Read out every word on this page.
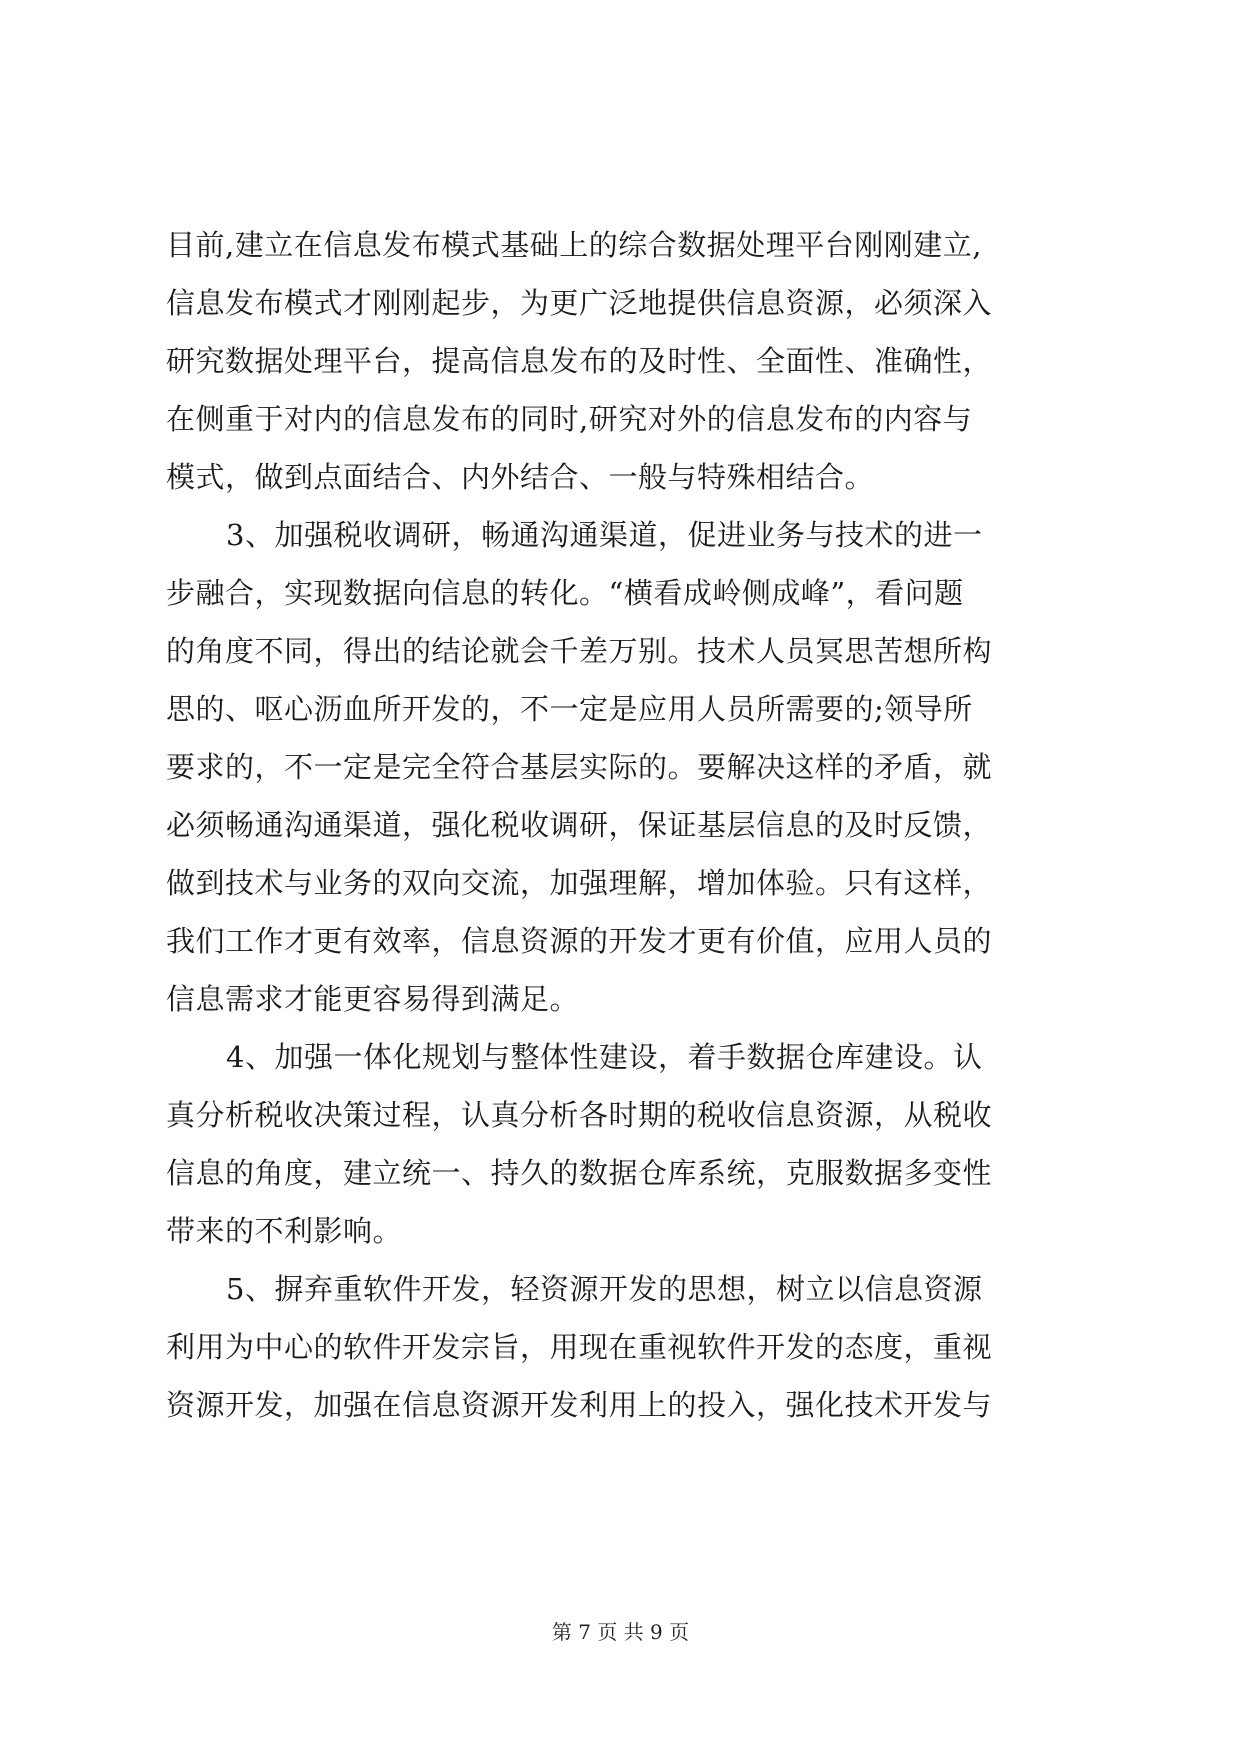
目前,建立在信息发布模式基础上的综合数据处理平台刚刚建立,
信息发布模式才刚刚起步，为更广泛地提供信息资源，必须深入
研究数据处理平台，提高信息发布的及时性、全面性、准确性，
在侧重于对内的信息发布的同时,研究对外的信息发布的内容与
模式，做到点面结合、内外结合、一般与特殊相结合。
3、加强税收调研，畅通沟通渠道，促进业务与技术的进一
步融合，实现数据向信息的转化。“横看成岭侧成峰”，看问题
的角度不同，得出的结论就会千差万别。技术人员冥思苦想所构
思的、呕心沥血所开发的，不一定是应用人员所需要的;领导所
要求的，不一定是完全符合基层实际的。要解决这样的矛盾，就
必须畅通沟通渠道，强化税收调研，保证基层信息的及时反馈，
做到技术与业务的双向交流，加强理解，增加体验。只有这样，
我们工作才更有效率，信息资源的开发才更有价值，应用人员的
信息需求才能更容易得到满足。
4、加强一体化规划与整体性建设，着手数据仓库建设。认
真分析税收决策过程，认真分析各时期的税收信息资源，从税收
信息的角度，建立统一、持久的数据仓库系统，克服数据多变性
带来的不利影响。
5、摒弃重软件开发，轻资源开发的思想，树立以信息资源
利用为中心的软件开发宗旨，用现在重视软件开发的态度，重视
资源开发，加强在信息资源开发利用上的投入，强化技术开发与
第 7 页 共 9 页
